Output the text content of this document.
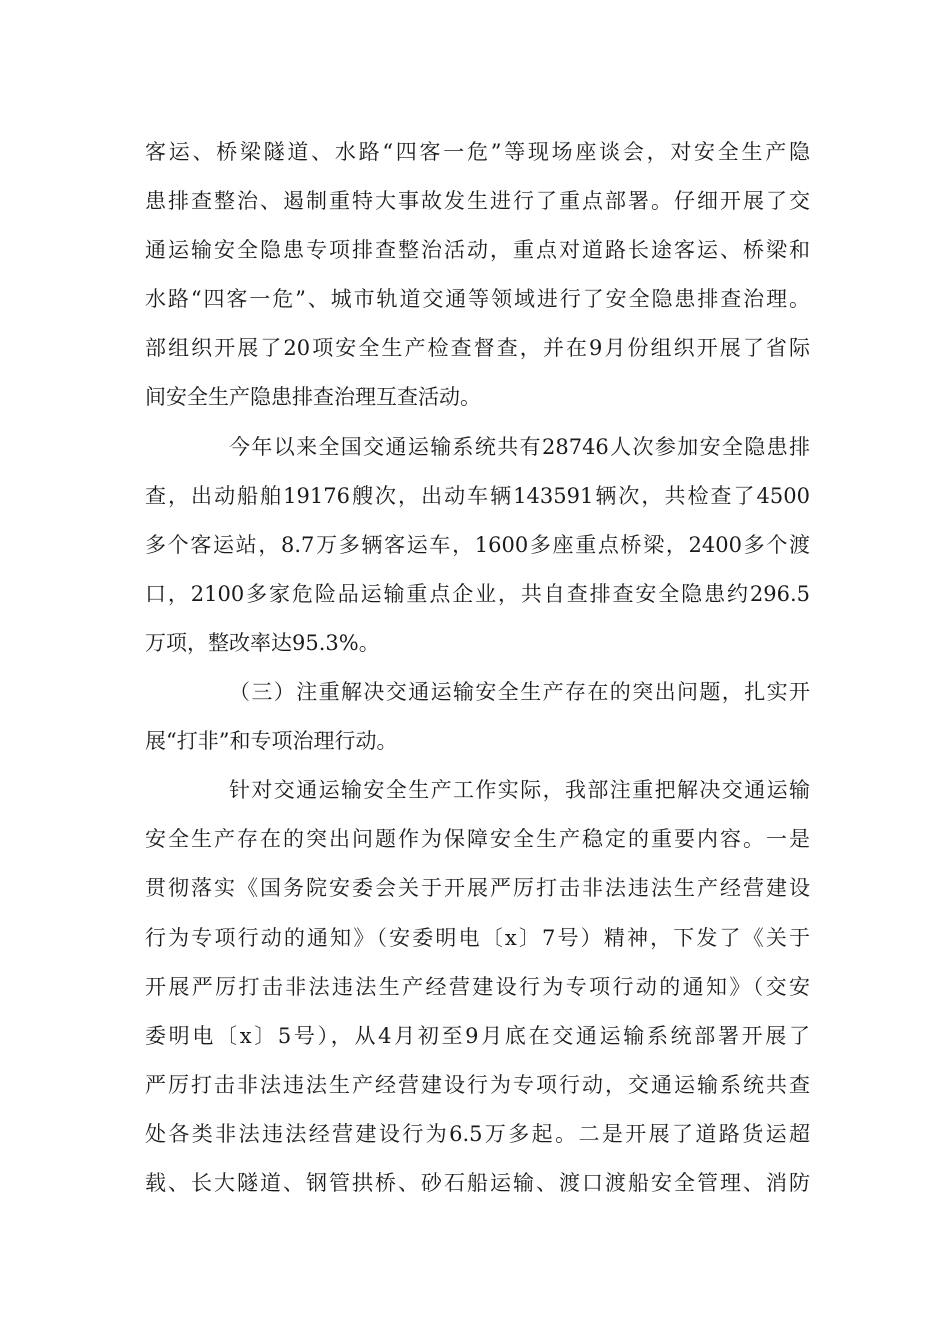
客运、桥梁隧道、水路“四客一危”等现场座谈会，对安全生产隐
患排查整治、遏制重特大事故发生进行了重点部署。仔细开展了交
通运输安全隐患专项排查整治活动，重点对道路长途客运、桥梁和
水路“四客一危”、城市轨道交通等领域进行了安全隐患排查治理。
部组织开展了20项安全生产检查督查，并在9月份组织开展了省际
间安全生产隐患排查治理互查活动。
今年以来全国交通运输系统共有28746人次参加安全隐患排
查，出动船舶19176艘次，出动车辆143591辆次，共检查了4500
多个客运站，8.7万多辆客运车，1600多座重点桥梁，2400多个渡
口，2100多家危险品运输重点企业，共自查排查安全隐患约296.5
万项，整改率达95.3%。
（三）注重解决交通运输安全生产存在的突出问题，扎实开
展“打非”和专项治理行动。
针对交通运输安全生产工作实际，我部注重把解决交通运输
安全生产存在的突出问题作为保障安全生产稳定的重要内容。一是
贯彻落实《国务院安委会关于开展严厉打击非法违法生产经营建设
行为专项行动的通知》（安委明电〔x〕7号）精神，下发了《关于
开展严厉打击非法违法生产经营建设行为专项行动的通知》（交安
委明电〔x〕5号），从4月初至9月底在交通运输系统部署开展了
严厉打击非法违法生产经营建设行为专项行动，交通运输系统共查
处各类非法违法经营建设行为6.5万多起。二是开展了道路货运超
载、长大隧道、钢管拱桥、砂石船运输、渡口渡船安全管理、消防
